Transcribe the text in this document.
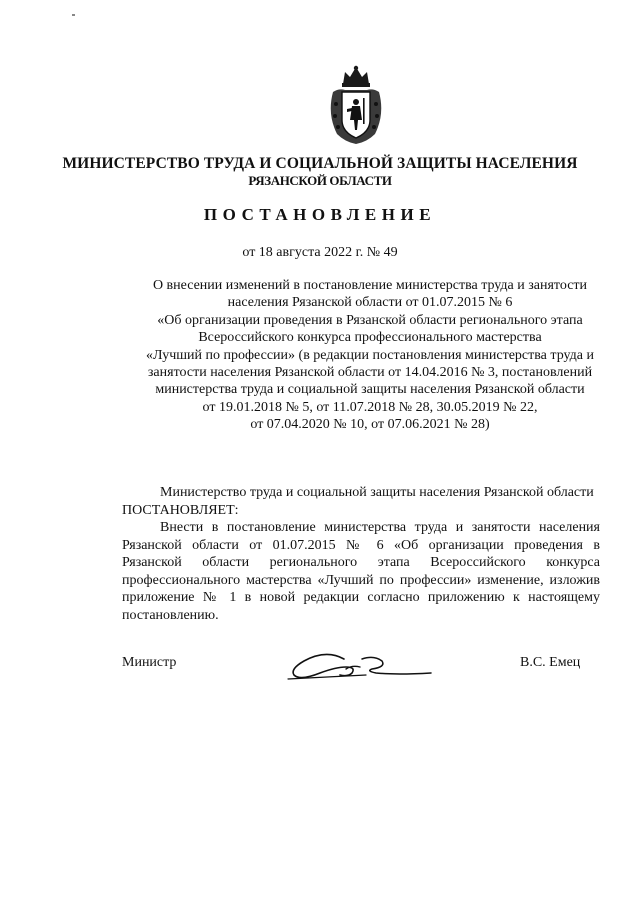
МИНИСТЕРСТВО ТРУДА И СОЦИАЛЬНОЙ ЗАЩИТЫ НАСЕЛЕНИЯ
РЯЗАНСКОЙ ОБЛАСТИ
ПОСТАНОВЛЕНИЕ
от 18 августа 2022 г. № 49
О внесении изменений в постановление министерства труда и занятости
населения Рязанской области от 01.07.2015 № 6
«Об организации проведения в Рязанской области регионального этапа
Всероссийского конкурса профессионального мастерства
«Лучший по профессии» (в редакции постановления министерства труда и
занятости населения Рязанской области от 14.04.2016 № 3, постановлений
министерства труда и социальной защиты населения Рязанской области
от 19.01.2018 № 5, от 11.07.2018 № 28, 30.05.2019 № 22,
от 07.04.2020 № 10, от 07.06.2021 № 28)
Министерство труда и социальной защиты населения Рязанской области
ПОСТАНОВЛЯЕТ:
Внести в постановление министерства труда и занятости населения
Рязанской области от 01.07.2015 № 6 «Об организации проведения в
Рязанской области регионального этапа Всероссийского конкурса
профессионального мастерства «Лучший по профессии» изменение, изложив
приложение № 1 в новой редакции согласно приложению к настоящему
постановлению.
Министр	В.С. Емец
